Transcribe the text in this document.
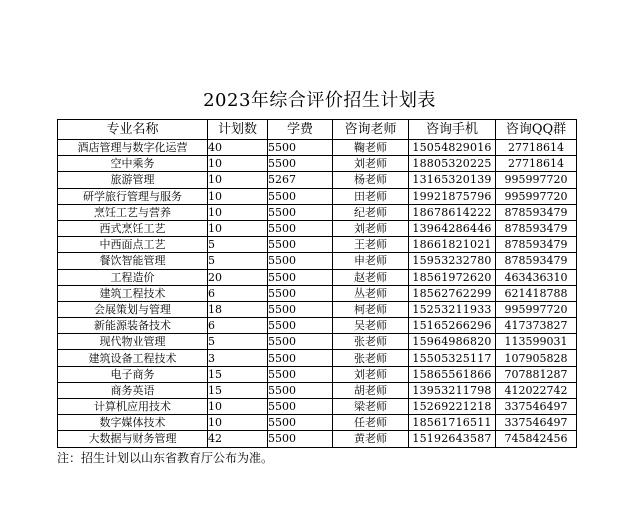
2023年综合评价招生计划表
专业名称	计划数	学费	咨询老师	咨询手机	咨询QQ群
酒店管理与数字化运营	40	5500	鞠老师	15054829016	27718614
空中乘务	10	5500	刘老师	18805320225	27718614
旅游管理	10	5267	杨老师	13165320139	995997720
研学旅行管理与服务	10	5500	田老师	19921875796	995997720
烹饪工艺与营养	10	5500	纪老师	18678614222	878593479
西式烹饪工艺	10	5500	刘老师	13964286446	878593479
中西面点工艺	5	5500	王老师	18661821021	878593479
餐饮智能管理	5	5500	申老师	15953232780	878593479
工程造价	20	5500	赵老师	18561972620	463436310
建筑工程技术	6	5500	丛老师	18562762299	621418788
会展策划与管理	18	5500	柯老师	15253211933	995997720
新能源装备技术	6	5500	吴老师	15165266296	417373827
现代物业管理	5	5500	张老师	15964986820	113599031
建筑设备工程技术	3	5500	张老师	15505325117	107905828
电子商务	15	5500	刘老师	15865561866	707881287
商务英语	15	5500	胡老师	13953211798	412022742
计算机应用技术	10	5500	梁老师	15269221218	337546497
数字媒体技术	10	5500	任老师	18561716511	337546497
大数据与财务管理	42	5500	黄老师	15192643587	745842456
注：招生计划以山东省教育厅公布为准。
